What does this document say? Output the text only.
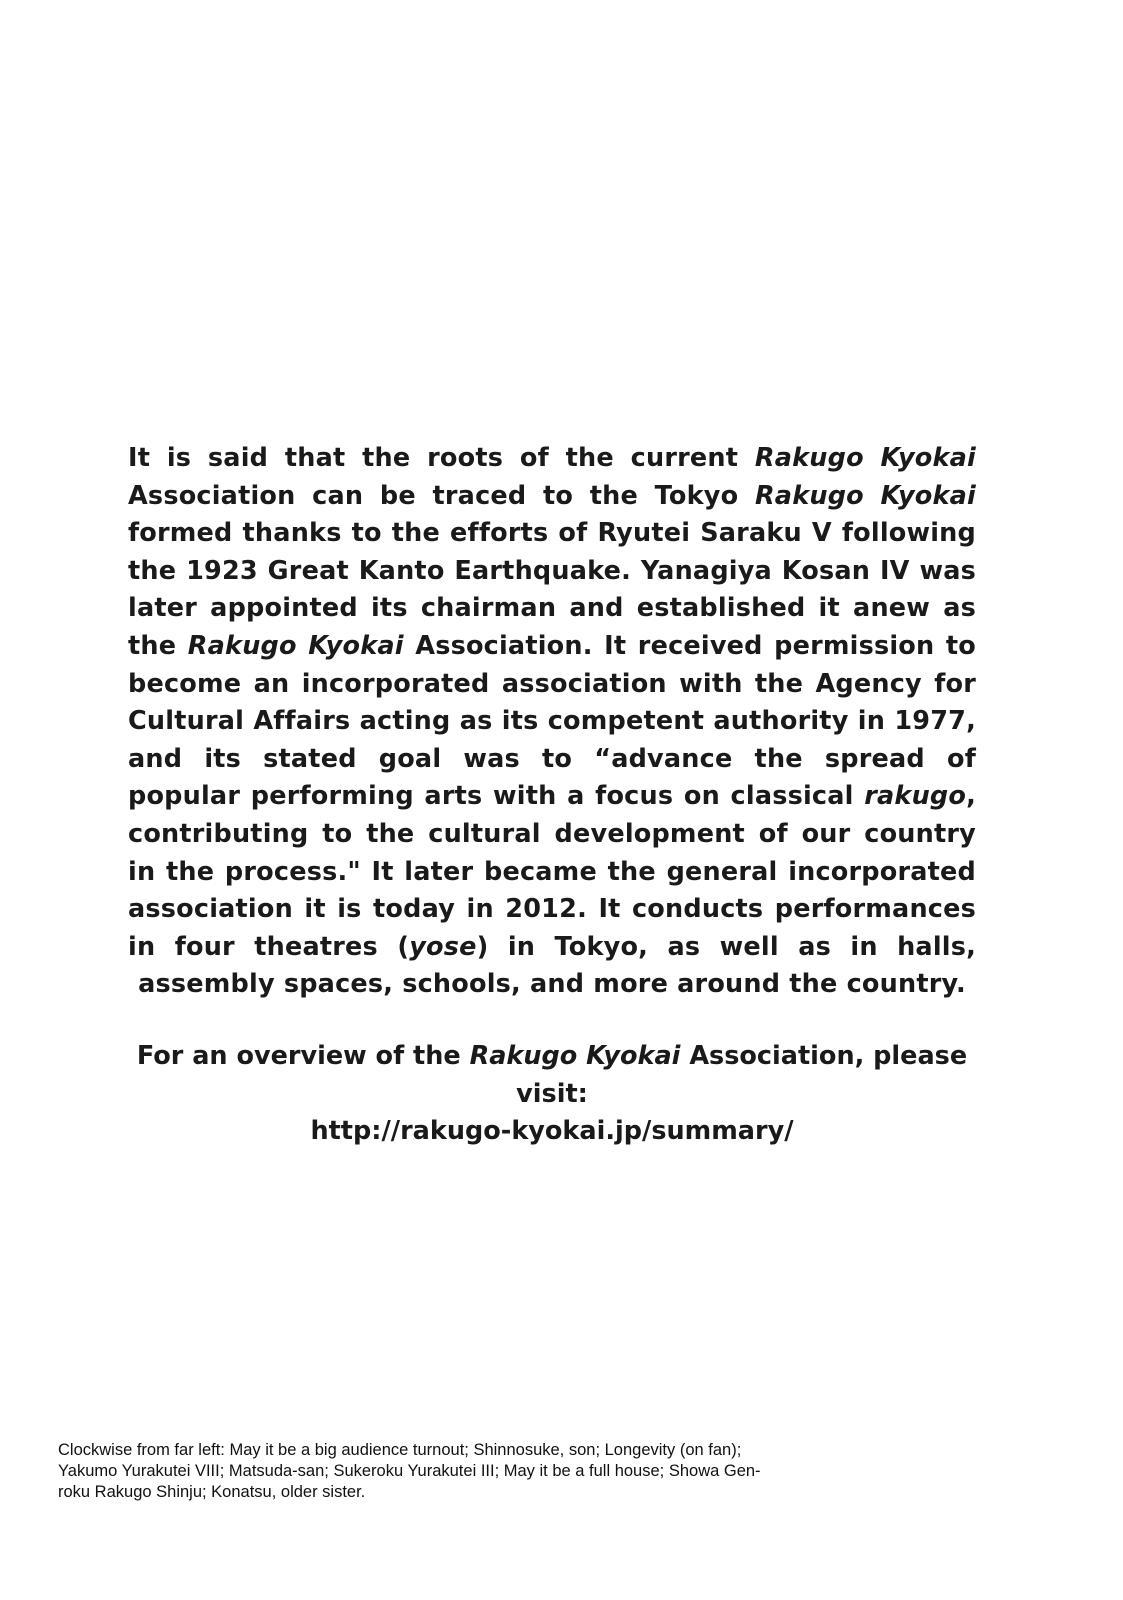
It is said that the roots of the current Rakugo Kyokai Association can be traced to the Tokyo Rakugo Kyokai formed thanks to the efforts of Ryutei Saraku V following the 1923 Great Kanto Earthquake. Yanagiya Kosan IV was later appointed its chairman and established it anew as the Rakugo Kyokai Association. It received permission to become an incorporated association with the Agency for Cultural Affairs acting as its competent authority in 1977, and its stated goal was to “advance the spread of popular performing arts with a focus on classical rakugo, contributing to the cultural development of our country in the process." It later became the general incorporated association it is today in 2012. It conducts performances in four theatres (yose) in Tokyo, as well as in halls, assembly spaces, schools, and more around the country.

For an overview of the Rakugo Kyokai Association, please visit:

http://rakugo-kyokai.jp/summary/

Clockwise from far left: May it be a big audience turnout; Shinnosuke, son; Longevity (on fan);

Yakumo Yurakutei VIII; Matsuda-san; Sukeroku Yurakutei III; May it be a full house; Showa Gen-

roku Rakugo Shinju; Konatsu, older sister.
